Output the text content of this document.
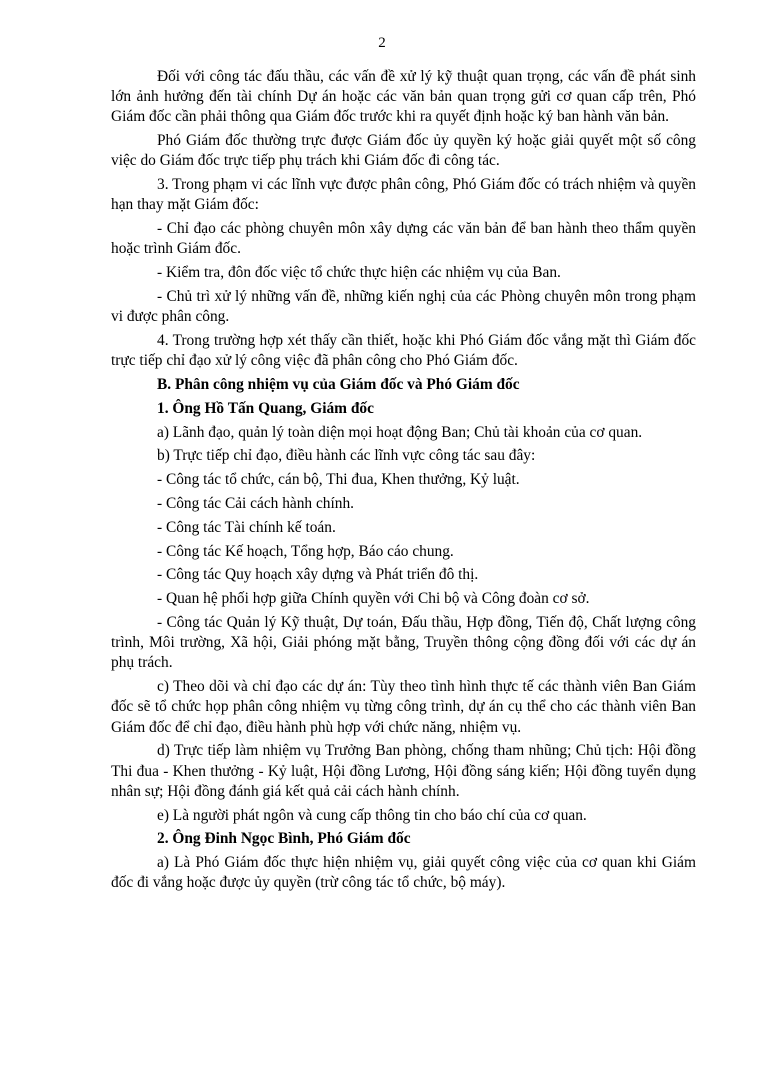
2

Đối với công tác đấu thầu, các vấn đề xử lý kỹ thuật quan trọng, các vấn đề phát sinh lớn ảnh hưởng đến tài chính Dự án hoặc các văn bản quan trọng gửi cơ quan cấp trên, Phó Giám đốc cần phải thông qua Giám đốc trước khi ra quyết định hoặc ký ban hành văn bản.

Phó Giám đốc thường trực được Giám đốc ủy quyền ký hoặc giải quyết một số công việc do Giám đốc trực tiếp phụ trách khi Giám đốc đi công tác.

3. Trong phạm vi các lĩnh vực được phân công, Phó Giám đốc có trách nhiệm và quyền hạn thay mặt Giám đốc:

- Chỉ đạo các phòng chuyên môn xây dựng các văn bản để ban hành theo thẩm quyền hoặc trình Giám đốc.

- Kiểm tra, đôn đốc việc tổ chức thực hiện các nhiệm vụ của Ban.

- Chủ trì xử lý những vấn đề, những kiến nghị của các Phòng chuyên môn trong phạm vi được phân công.

4. Trong trường hợp xét thấy cần thiết, hoặc khi Phó Giám đốc vắng mặt thì Giám đốc trực tiếp chỉ đạo xử lý công việc đã phân công cho Phó Giám đốc.

B. Phân công nhiệm vụ của Giám đốc và Phó Giám đốc

1. Ông Hồ Tấn Quang, Giám đốc

a) Lãnh đạo, quản lý toàn diện mọi hoạt động Ban; Chủ tài khoản của cơ quan.

b) Trực tiếp chỉ đạo, điều hành các lĩnh vực công tác sau đây:

- Công tác tổ chức, cán bộ, Thi đua, Khen thưởng, Kỷ luật.

- Công tác Cải cách hành chính.

- Công tác Tài chính kế toán.

- Công tác Kế hoạch, Tổng hợp, Báo cáo chung.

- Công tác Quy hoạch xây dựng và Phát triển đô thị.

- Quan hệ phối hợp giữa Chính quyền với Chi bộ và Công đoàn cơ sở.

- Công tác Quản lý Kỹ thuật, Dự toán, Đấu thầu, Hợp đồng, Tiến độ, Chất lượng công trình, Môi trường, Xã hội, Giải phóng mặt bằng, Truyền thông cộng đồng đối với các dự án phụ trách.

c) Theo dõi và chỉ đạo các dự án: Tùy theo tình hình thực tế các thành viên Ban Giám đốc sẽ tổ chức họp phân công nhiệm vụ từng công trình, dự án cụ thể cho các thành viên Ban Giám đốc để chỉ đạo, điều hành phù hợp với chức năng, nhiệm vụ.

d) Trực tiếp làm nhiệm vụ Trưởng Ban phòng, chống tham nhũng; Chủ tịch: Hội đồng Thi đua - Khen thưởng - Kỷ luật, Hội đồng Lương, Hội đồng sáng kiến; Hội đồng tuyển dụng nhân sự; Hội đồng đánh giá kết quả cải cách hành chính.

e) Là người phát ngôn và cung cấp thông tin cho báo chí của cơ quan.

2. Ông Đinh Ngọc Bình, Phó Giám đốc

a) Là Phó Giám đốc thực hiện nhiệm vụ, giải quyết công việc của cơ quan khi Giám đốc đi vắng hoặc được ủy quyền (trừ công tác tổ chức, bộ máy).
